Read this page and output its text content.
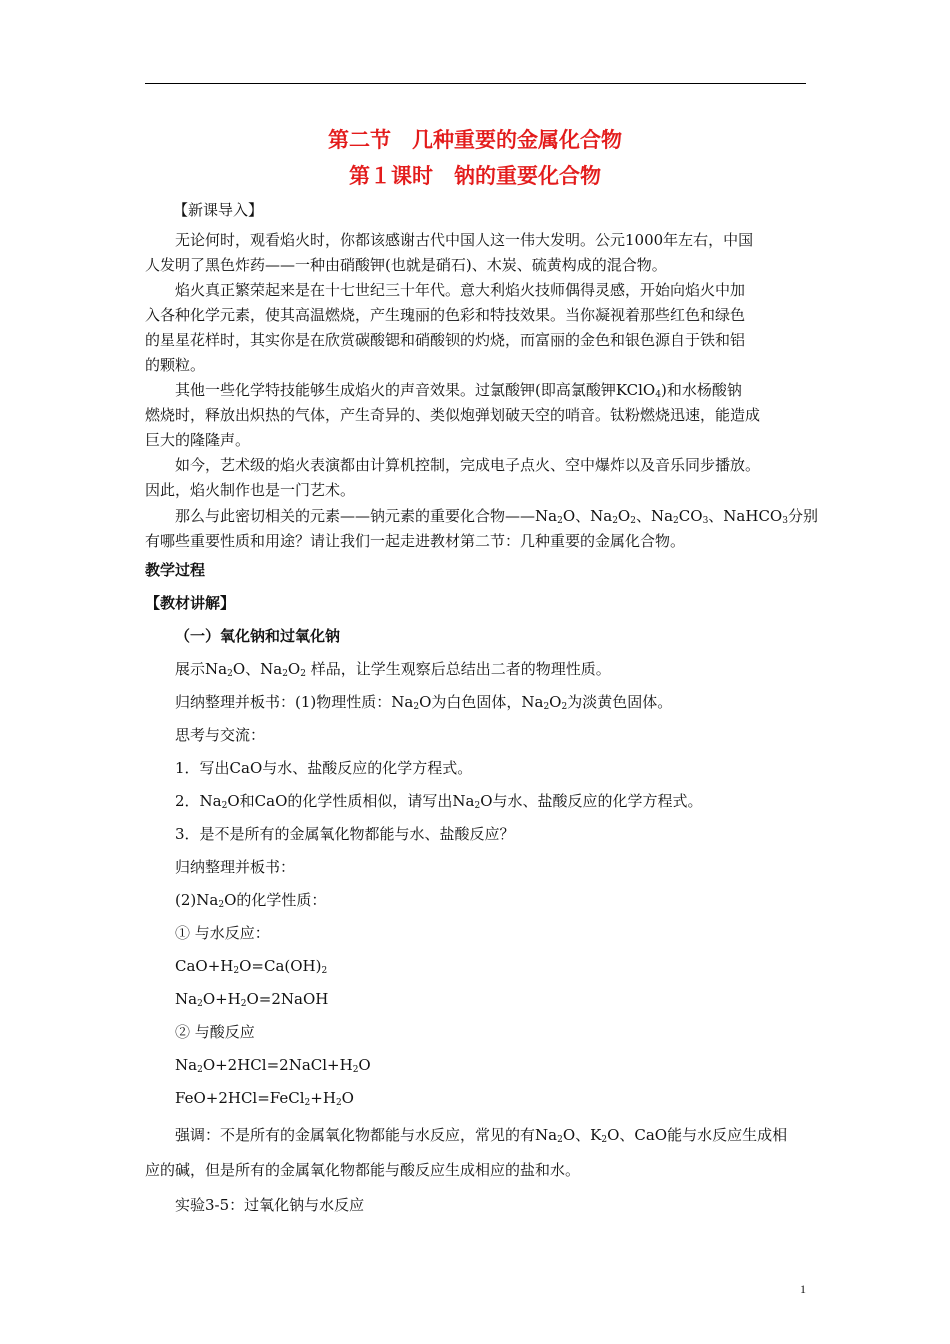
第二节　几种重要的金属化合物
第１课时　钠的重要化合物
【新课导入】
无论何时，观看焰火时，你都该感谢古代中国人这一伟大发明。公元1000年左右，中国
人发明了黑色炸药——一种由硝酸钾(也就是硝石)、木炭、硫黄构成的混合物。
焰火真正繁荣起来是在十七世纪三十年代。意大利焰火技师偶得灵感，开始向焰火中加
入各种化学元素，使其高温燃烧，产生瑰丽的色彩和特技效果。当你凝视着那些红色和绿色
的星星花样时，其实你是在欣赏碳酸锶和硝酸钡的灼烧，而富丽的金色和银色源自于铁和铝
的颗粒。
其他一些化学特技能够生成焰火的声音效果。过氯酸钾(即高氯酸钾KClO$_4$)和水杨酸钠
燃烧时，释放出炽热的气体，产生奇异的、类似炮弹划破天空的哨音。钛粉燃烧迅速，能造成
巨大的隆隆声。
如今，艺术级的焰火表演都由计算机控制，完成电子点火、空中爆炸以及音乐同步播放。
因此，焰火制作也是一门艺术。
那么与此密切相关的元素——钠元素的重要化合物$——Na_2O$、$Na_2O_2$、$Na_2CO_3$、NaHCO$_3$分别
有哪些重要性质和用途？请让我们一起走进教材第二节：几种重要的金属化合物。
教学过程
【教材讲解】
（一）氧化钠和过氧化钠
展示$Na_2O$、$Na_2O_2$ 样品，让学生观察后总结出二者的物理性质。
归纳整理并板书：(1)物理性质：$Na_2O$为白色固体，$Na_2O_2$为淡黄色固体。
思考与交流：
1．写出CaO与水、盐酸反应的化学方程式。
2．$Na_2O$和CaO的化学性质相似，请写出$Na_2O$与水、盐酸反应的化学方程式。
3．是不是所有的金属氧化物都能与水、盐酸反应？
归纳整理并板书：
$(2)Na_2O$的化学性质：
① 与水反应：
$CaO+H_2O=Ca(OH)_2$
$Na_2O+H_2O=2NaOH$
② 与酸反应
$Na_2O+2HCl=2NaCl+H_2O$
$FeO+2HCl=FeCl_2+H_2O$
强调：不是所有的金属氧化物都能与水反应，常见的有$Na_2O$、$K_2O$、CaO能与水反应生成相
应的碱，但是所有的金属氧化物都能与酸反应生成相应的盐和水。
实验3-5：过氧化钠与水反应
1
